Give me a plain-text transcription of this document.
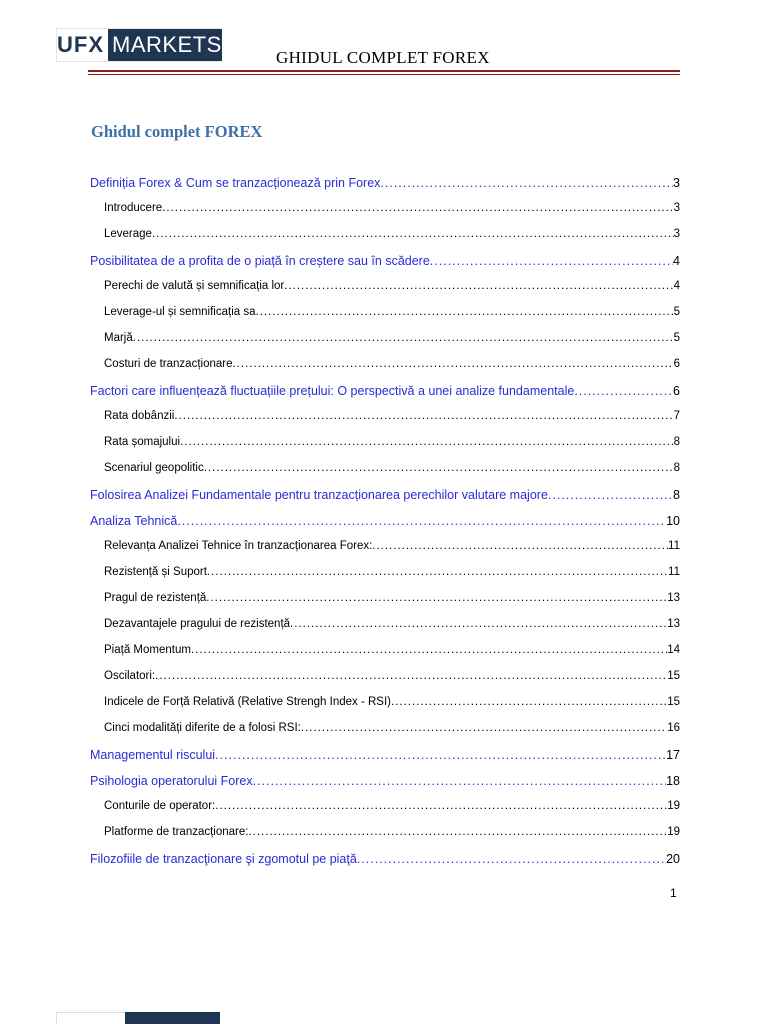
UFX MARKETS
GHIDUL COMPLET FOREX
Ghidul complet FOREX
Definiția Forex & Cum se tranzacționează prin Forex .....	3
Introducere .....	3
Leverage .....	3
Posibilitatea de a profita de o piață în creștere sau în scădere .....	4
Perechi de valută și semnificația lor .....	4
Leverage-ul și semnificația sa .....	5
Marjă .....	5
Costuri de tranzacționare .....	6
Factori care influențează fluctuațiile prețului: O perspectivă a unei analize fundamentale .....	6
Rata dobânzii .....	7
Rata șomajului .....	8
Scenariul geopolitic .....	8
Folosirea Analizei Fundamentale pentru tranzacționarea perechilor valutare majore .....	8
Analiza Tehnică .....	10
Relevanța Analizei Tehnice în tranzacționarea Forex: .....	11
Rezistență și Suport .....	11
Pragul de rezistență .....	13
Dezavantajele pragului de rezistență .....	13
Piață Momentum .....	14
Oscilatori: .....	15
Indicele de Forță Relativă (Relative Strengh Index - RSI) .....	15
Cinci modalități diferite de a folosi RSI: .....	16
Managementul riscului .....	17
Psihologia operatorului Forex .....	18
Conturile de operator: .....	19
Platforme de tranzacționare: .....	19
Filozofiile de tranzacţionare şi zgomotul pe piaţă .....	20
1
